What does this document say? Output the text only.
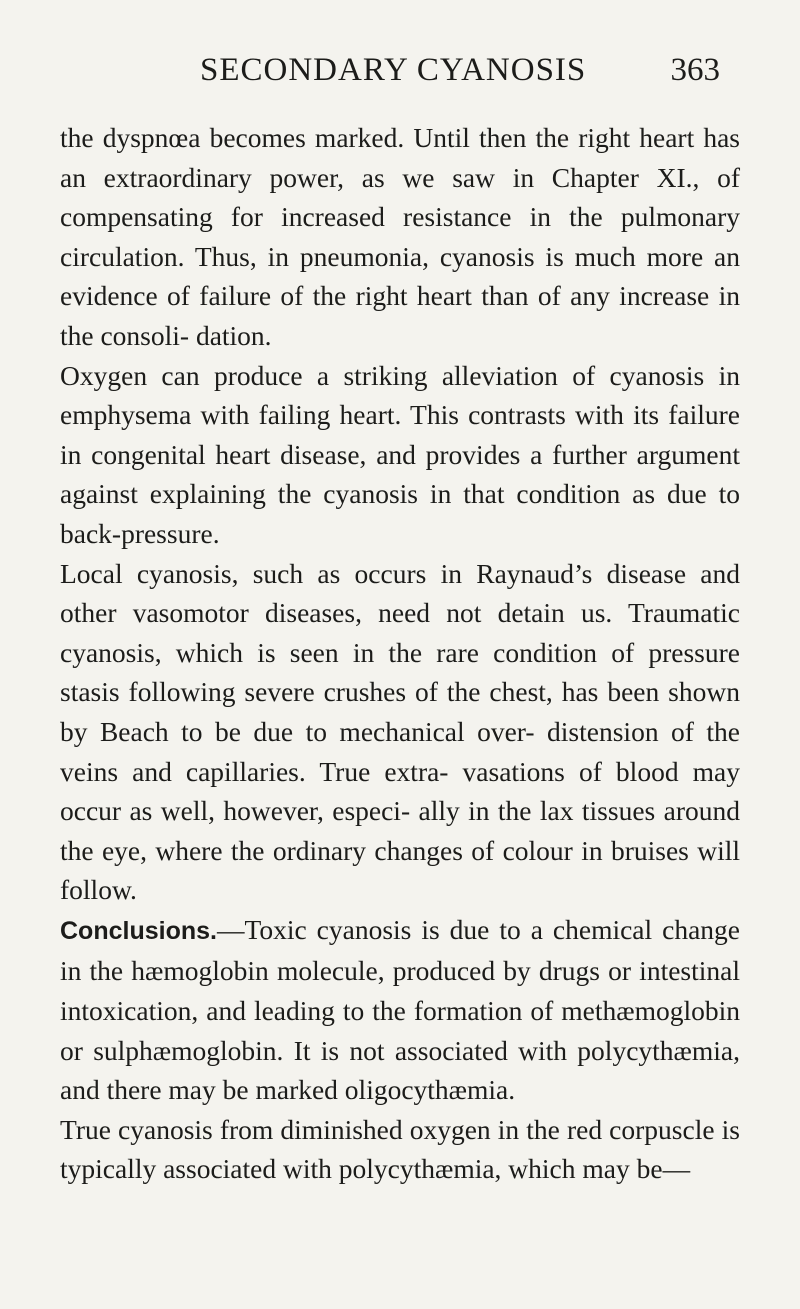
SECONDARY CYANOSIS	363

the dyspnœa becomes marked. Until then the right heart has an extraordinary power, as we saw in Chapter XI., of compensating for increased resistance in the pulmonary circulation. Thus, in pneumonia, cyanosis is much more an evidence of failure of the right heart than of any increase in the consoli- dation.

Oxygen can produce a striking alleviation of cyanosis in emphysema with failing heart. This contrasts with its failure in congenital heart disease, and provides a further argument against explaining the cyanosis in that condition as due to back-pressure.

Local cyanosis, such as occurs in Raynaud’s disease and other vasomotor diseases, need not detain us. Traumatic cyanosis, which is seen in the rare condition of pressure stasis following severe crushes of the chest, has been shown by Beach to be due to mechanical over- distension of the veins and capillaries. True extra- vasations of blood may occur as well, however, especi- ally in the lax tissues around the eye, where the ordinary changes of colour in bruises will follow.

Conclusions.—Toxic cyanosis is due to a chemical change in the hæmoglobin molecule, produced by drugs or intestinal intoxication, and leading to the formation of methæmoglobin or sulphæmoglobin. It is not associated with polycythæmia, and there may be marked oligocythæmia.

True cyanosis from diminished oxygen in the red corpuscle is typically associated with polycythæmia, which may be—
